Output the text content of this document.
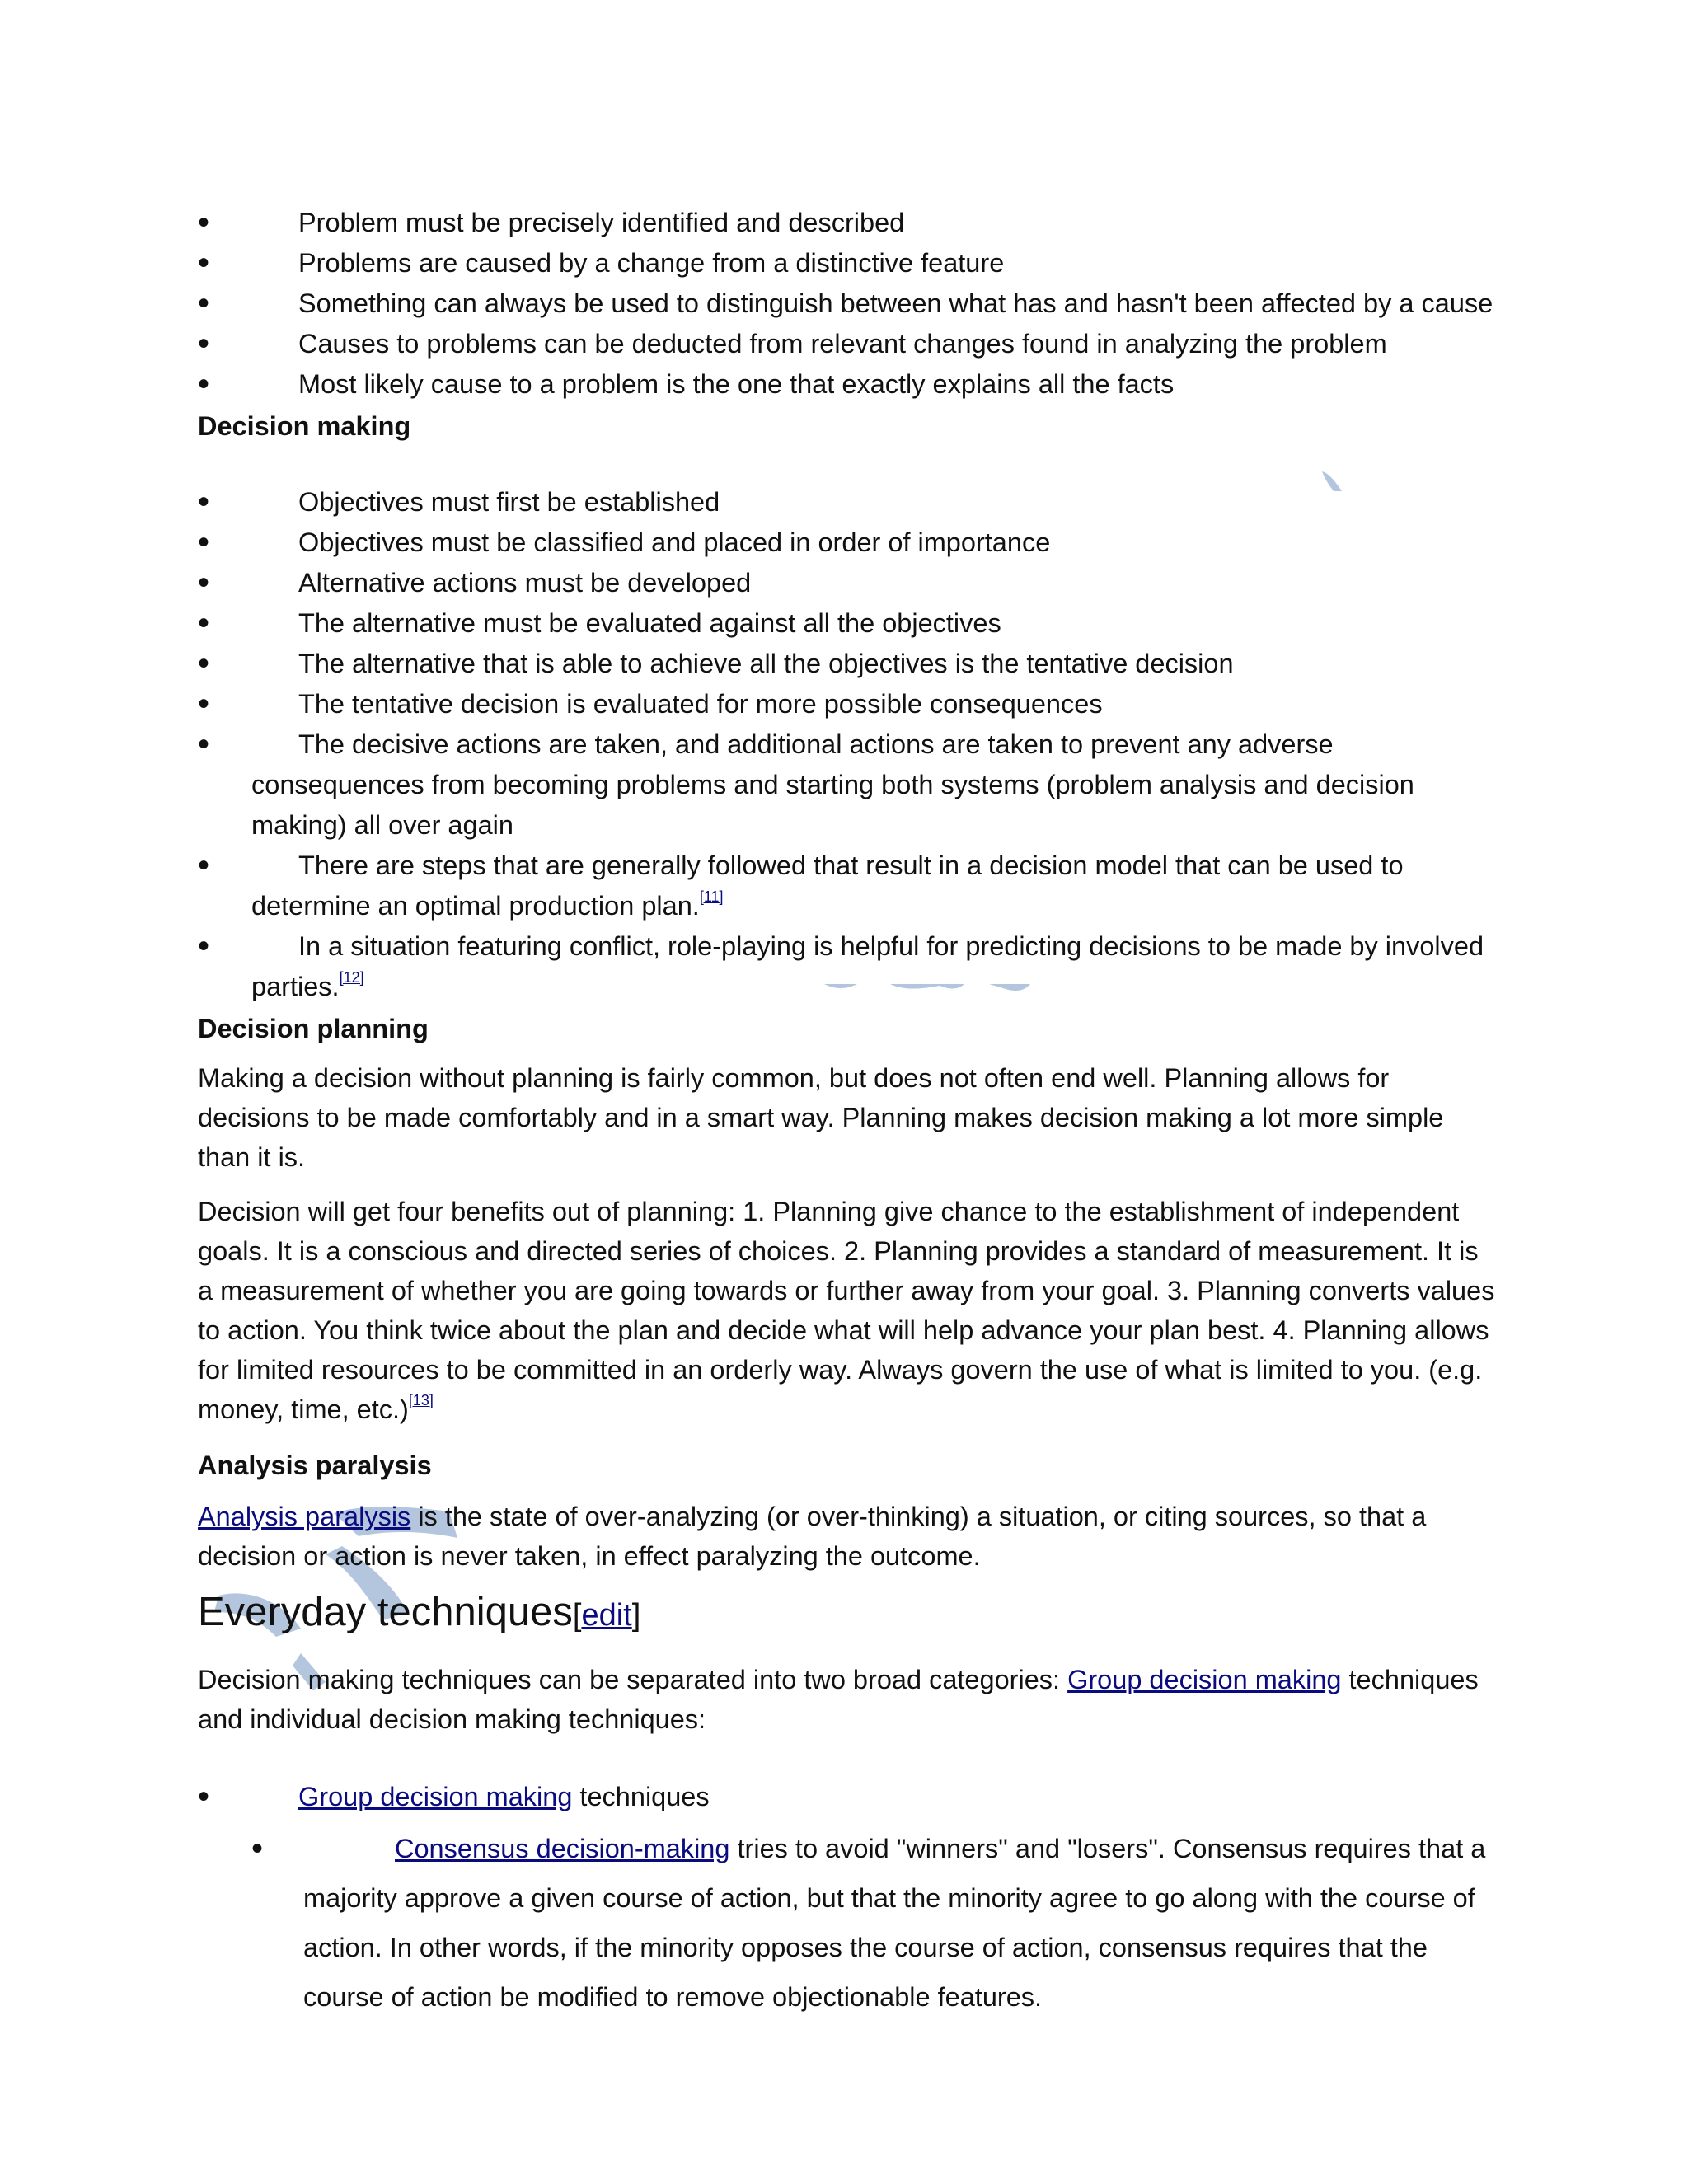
• Problem must be precisely identified and described
• Problems are caused by a change from a distinctive feature
• Something can always be used to distinguish between what has and hasn't been affected by a cause
• Causes to problems can be deducted from relevant changes found in analyzing the problem
• Most likely cause to a problem is the one that exactly explains all the facts

Decision making

• Objectives must first be established
• Objectives must be classified and placed in order of importance
• Alternative actions must be developed
• The alternative must be evaluated against all the objectives
• The alternative that is able to achieve all the objectives is the tentative decision
• The tentative decision is evaluated for more possible consequences
• The decisive actions are taken, and additional actions are taken to prevent any adverse consequences from becoming problems and starting both systems (problem analysis and decision making) all over again
• There are steps that are generally followed that result in a decision model that can be used to determine an optimal production plan.[11]
• In a situation featuring conflict, role-playing is helpful for predicting decisions to be made by involved parties.[12]

Decision planning

Making a decision without planning is fairly common, but does not often end well. Planning allows for decisions to be made comfortably and in a smart way. Planning makes decision making a lot more simple than it is.

Decision will get four benefits out of planning: 1. Planning give chance to the establishment of independent goals. It is a conscious and directed series of choices. 2. Planning provides a standard of measurement. It is a measurement of whether you are going towards or further away from your goal. 3. Planning converts values to action. You think twice about the plan and decide what will help advance your plan best. 4. Planning allows for limited resources to be committed in an orderly way. Always govern the use of what is limited to you. (e.g. money, time, etc.)[13]

Analysis paralysis

Analysis paralysis is the state of over-analyzing (or over-thinking) a situation, or citing sources, so that a decision or action is never taken, in effect paralyzing the outcome.

Everyday techniques[edit]

Decision making techniques can be separated into two broad categories: Group decision making techniques and individual decision making techniques:

• Group decision making techniques
• Consensus decision-making tries to avoid "winners" and "losers". Consensus requires that a majority approve a given course of action, but that the minority agree to go along with the course of action. In other words, if the minority opposes the course of action, consensus requires that the course of action be modified to remove objectionable features.
